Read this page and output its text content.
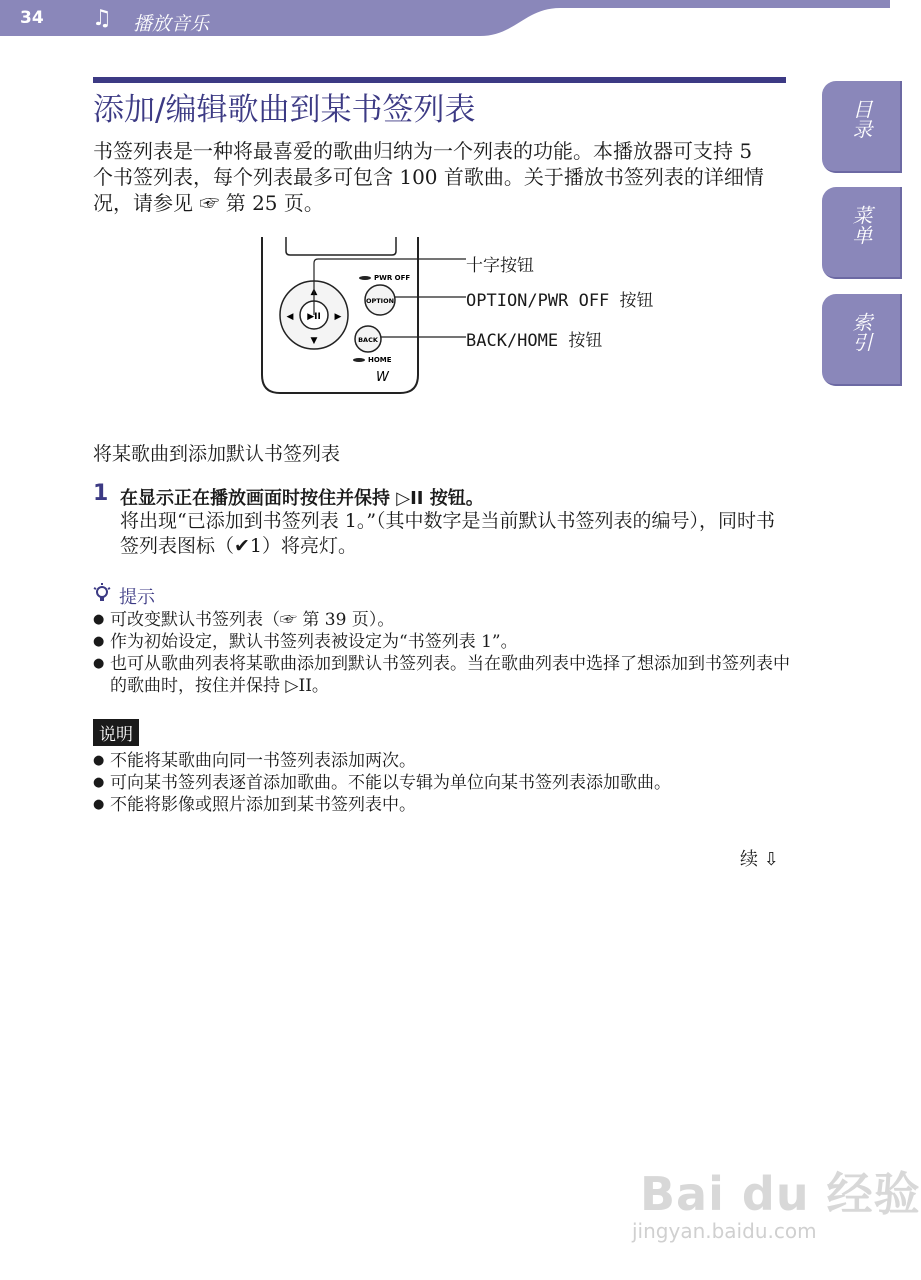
34 ♫ 播放音乐
目录
菜单
索引
添加/编辑歌曲到某书签列表

书签列表是一种将最喜爱的歌曲归纳为一个列表的功能。本播放器可支持 5 个书签列表，每个列表最多可包含 100 首歌曲。关于播放书签列表的详细情况，请参见 ☞ 第 25 页。

▶II
▲
▼
◀	▶
PWR OFF
OPTION
BACK
HOME
W
十字按钮
OPTION/PWR OFF 按钮
BACK/HOME 按钮
将某歌曲到添加默认书签列表
1 在显示正在播放画面时按住并保持 ▷II 按钮。

将出现“已添加到书签列表 1。”（其中数字是当前默认书签列表的编号），同时书签列表图标（✔1）将亮灯。

提示
● 可改变默认书签列表（☞ 第 39 页）。
● 作为初始设定，默认书签列表被设定为“书签列表 1”。
● 也可从歌曲列表将某歌曲添加到默认书签列表。当在歌曲列表中选择了想添加到书签列表中的歌曲时，按住并保持 ▷II。
说明
● 不能将某歌曲向同一书签列表添加两次。
● 可向某书签列表逐首添加歌曲。不能以专辑为单位向某书签列表添加歌曲。
● 不能将影像或照片添加到某书签列表中。
续 ⇩
Bai du 经验
jingyan.baidu.com
